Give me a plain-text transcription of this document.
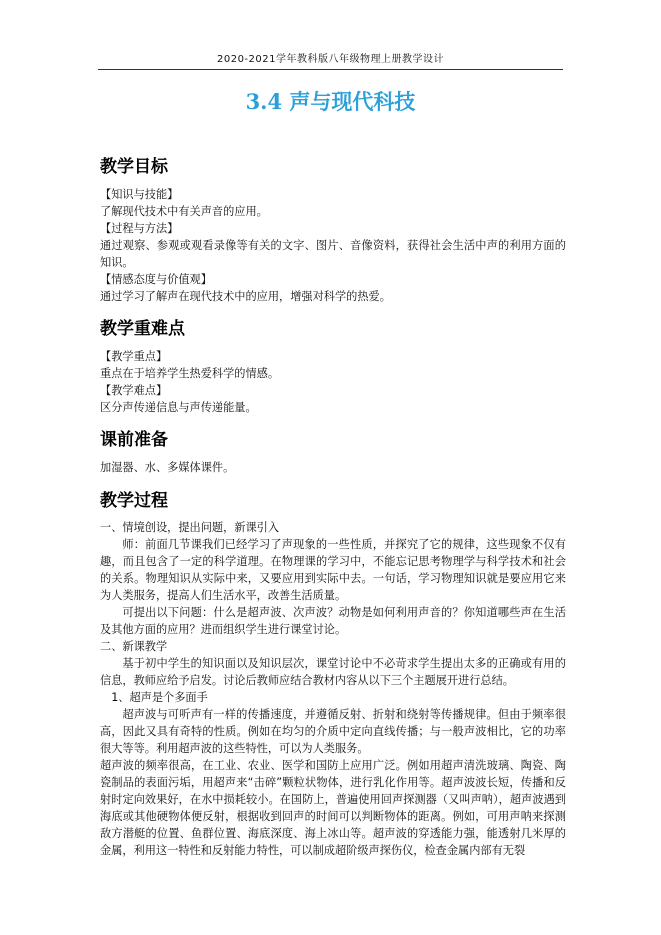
2020-2021学年教科版八年级物理上册教学设计
3.4 声与现代科技
教学目标

【知识与技能】

了解现代技术中有关声音的应用。

【过程与方法】

通过观察、参观或观看录像等有关的文字、图片、音像资料，获得社会生活中声的利用方面的知识。

【情感态度与价值观】

通过学习了解声在现代技术中的应用，增强对科学的热爱。

教学重难点

【教学重点】

重点在于培养学生热爱科学的情感。

【教学难点】

区分声传递信息与声传递能量。

课前准备

加湿器、水、多媒体课件。

教学过程

一、情境创设，提出问题，新课引入

师：前面几节课我们已经学习了声现象的一些性质，并探究了它的规律，这些现象不仅有趣，而且包含了一定的科学道理。在物理课的学习中，不能忘记思考物理学与科学技术和社会的关系。物理知识从实际中来，又要应用到实际中去。一句话，学习物理知识就是要应用它来为人类服务，提高人们生活水平，改善生活质量。

可提出以下问题：什么是超声波、次声波？动物是如何利用声音的？你知道哪些声在生活及其他方面的应用？进而组织学生进行课堂讨论。

二、新课教学

基于初中学生的知识面以及知识层次，课堂讨论中不必苛求学生提出太多的正确或有用的信息，教师应给予启发。讨论后教师应结合教材内容从以下三个主题展开进行总结。

1、超声是个多面手

超声波与可听声有一样的传播速度，并遵循反射、折射和绕射等传播规律。但由于频率很高，因此又具有奇特的性质。例如在均匀的介质中定向直线传播；与一般声波相比，它的功率很大等等。利用超声波的这些特性，可以为人类服务。

超声波的频率很高，在工业、农业、医学和国防上应用广泛。例如用超声清洗玻璃、陶瓷、陶瓷制品的表面污垢，用超声来“击碎”颗粒状物体，进行乳化作用等。超声波波长短，传播和反射时定向效果好，在水中损耗较小。在国防上，普遍使用回声探测器（又叫声呐），超声波遇到海底或其他硬物体便反射，根据收到回声的时间可以判断物体的距离。例如，可用声呐来探测敌方潜艇的位置、鱼群位置、海底深度、海上冰山等。超声波的穿透能力强，能透射几米厚的金属，利用这一特性和反射能力特性，可以制成超阶级声探伤仪，检查金属内部有无裂
